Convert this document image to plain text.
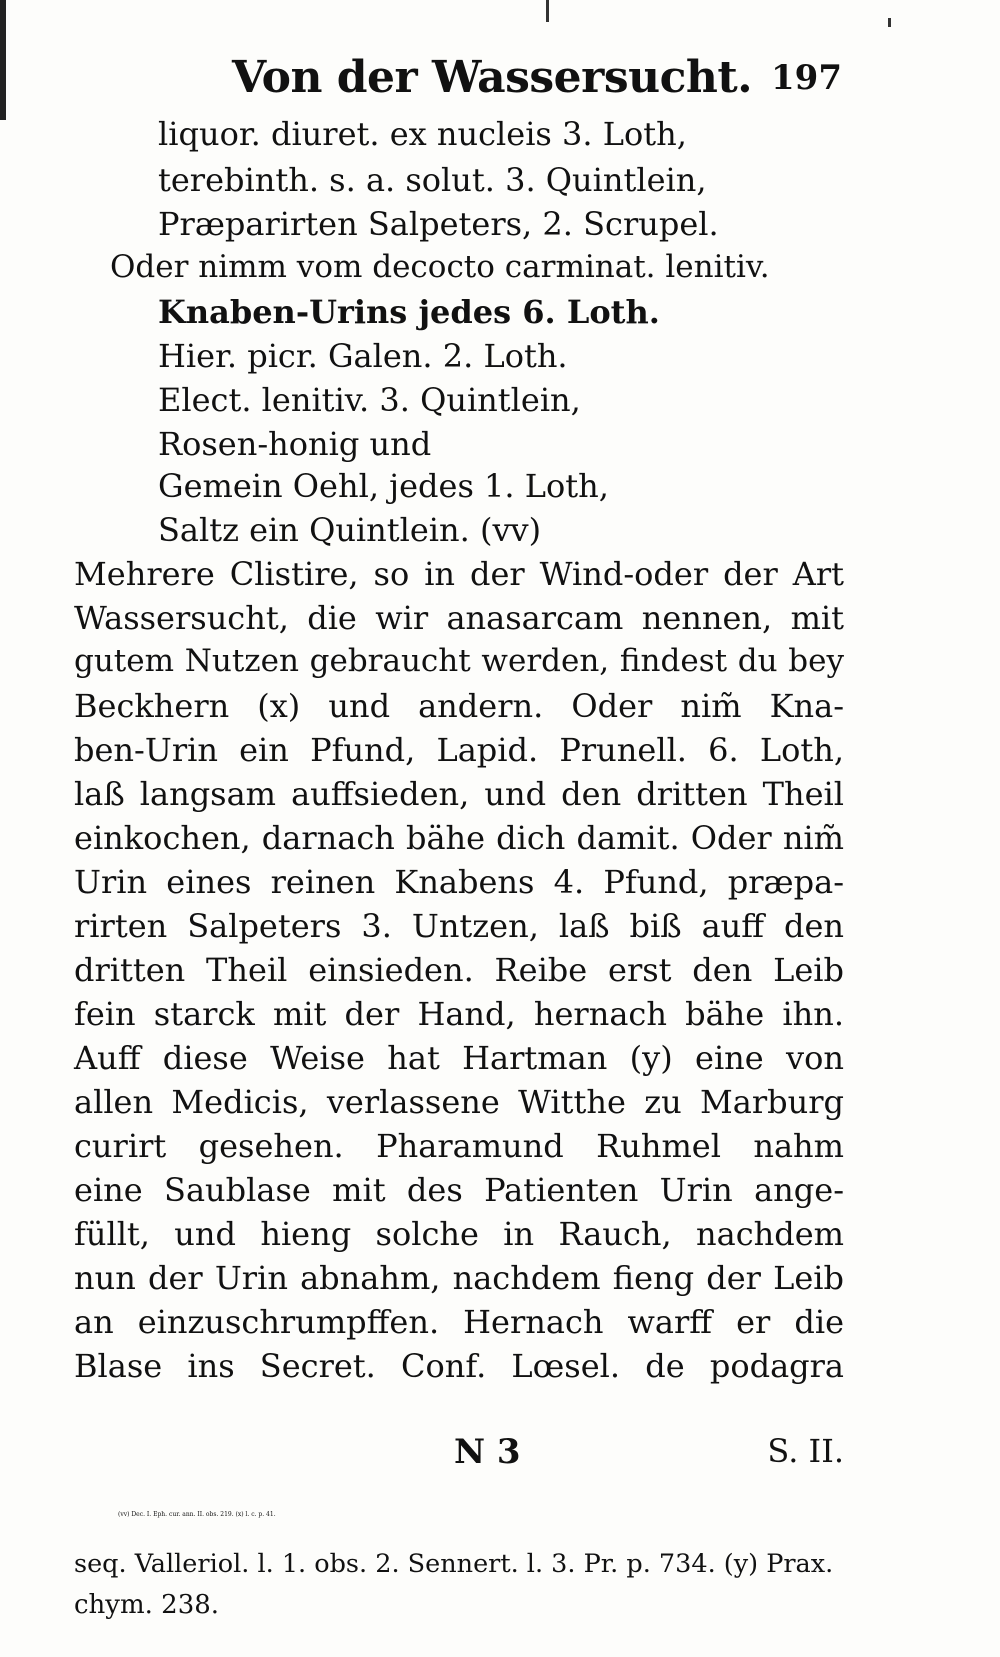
Von der Wassersucht. 197
liquor. diuret. ex nucleis 3. Loth,
terebinth. s. a. solut. 3. Quintlein,
Præparirten Salpeters, 2. Scrupel.
Oder nimm vom decocto carminat. lenitiv.
Knaben-Urins jedes 6. Loth.
Hier. picr. Galen. 2. Loth.
Elect. lenitiv. 3. Quintlein,
Rosen-honig und
Gemein Oehl, jedes 1. Loth,
Saltz ein Quintlein. (vv)
Mehrere Clistire, so in der Wind-oder der Art
Wassersucht, die wir anasarcam nennen, mit
gutem Nutzen gebraucht werden, findest du bey
Beckhern (x) und andern. Oder nim̃ Kna-
ben-Urin ein Pfund, Lapid. Prunell. 6. Loth,
laß langsam auffsieden, und den dritten Theil
einkochen, darnach bähe dich damit. Oder nim̃
Urin eines reinen Knabens 4. Pfund, præpa-
rirten Salpeters 3. Untzen, laß biß auff den
dritten Theil einsieden. Reibe erst den Leib
fein starck mit der Hand, hernach bähe ihn.
Auff diese Weise hat Hartman (y) eine von
allen Medicis, verlassene Witthe zu Marburg
curirt gesehen. Pharamund Ruhmel nahm
eine Saublase mit des Patienten Urin ange-
füllt, und hieng solche in Rauch, nachdem
nun der Urin abnahm, nachdem fieng der Leib
an einzuschrumpffen. Hernach warff er die
Blase ins Secret. Conf. Lœsel. de podagra
N 3	S. II.
(vv) Dec. I. Eph. cur. ann. II. obs. 219. (x) l. c. p. 41.
seq. Valleriol. l. 1. obs. 2. Sennert. l. 3. Pr. p. 734. (y) Prax.
chym. 238.
